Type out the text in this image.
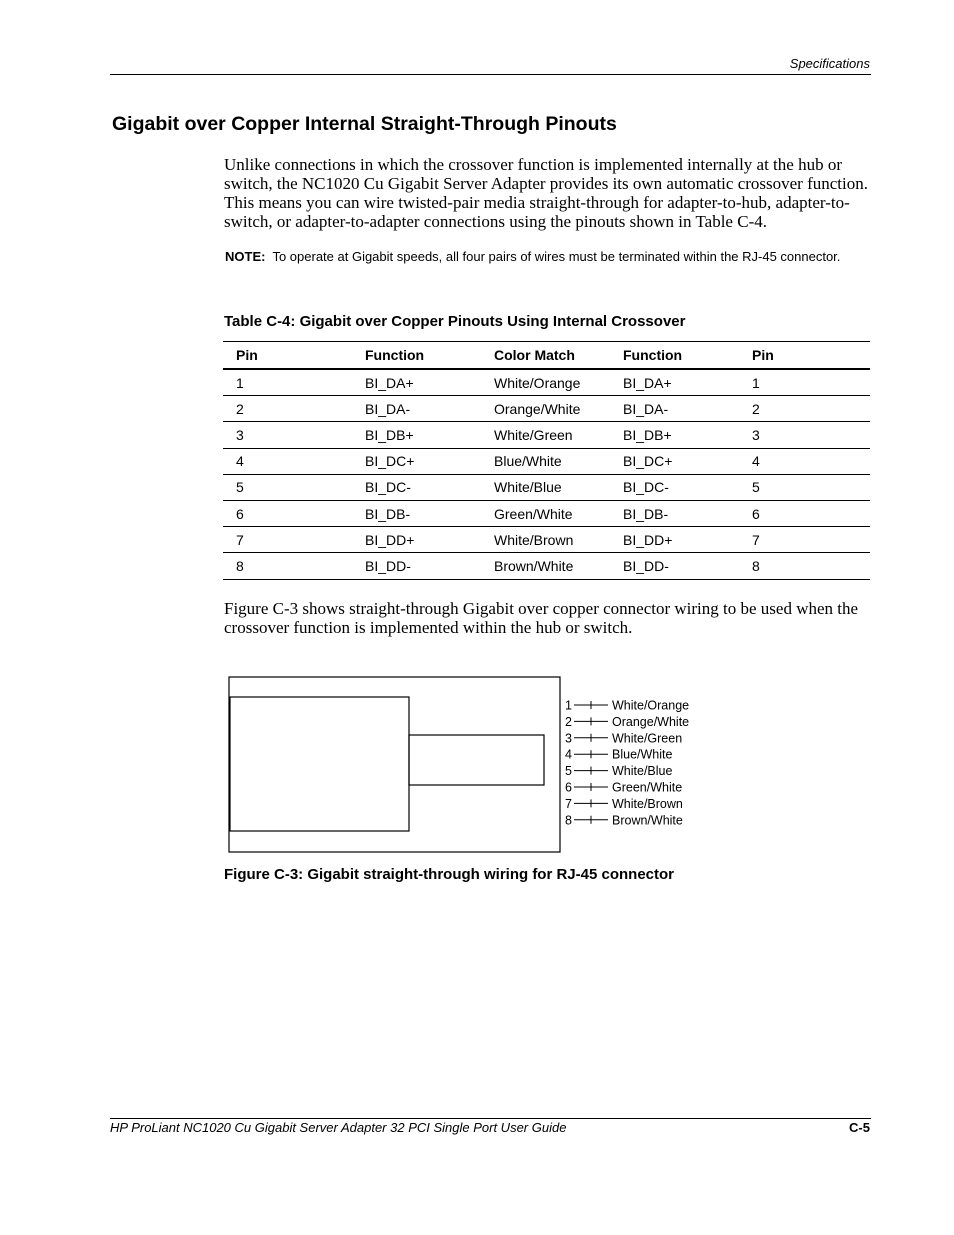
Specifications
Gigabit over Copper Internal Straight-Through Pinouts

Unlike connections in which the crossover function is implemented internally at the hub or switch, the NC1020 Cu Gigabit Server Adapter provides its own automatic crossover function. This means you can wire twisted-pair media straight-through for adapter-to-hub, adapter-to-switch, or adapter-to-adapter connections using the pinouts shown in Table C-4.

NOTE: To operate at Gigabit speeds, all four pairs of wires must be terminated within the RJ-45 connector.

Table C-4: Gigabit over Copper Pinouts Using Internal Crossover

Pin	Function	Color Match	Function	Pin
1	BI_DA+	White/Orange	BI_DA+	1
2	BI_DA-	Orange/White	BI_DA-	2
3	BI_DB+	White/Green	BI_DB+	3
4	BI_DC+	Blue/White	BI_DC+	4
5	BI_DC-	White/Blue	BI_DC-	5
6	BI_DB-	Green/White	BI_DB-	6
7	BI_DD+	White/Brown	BI_DD+	7
8	BI_DD-	Brown/White	BI_DD-	8

Figure C-3 shows straight-through Gigabit over copper connector wiring to be used when the crossover function is implemented within the hub or switch.

1	White/Orange
2	Orange/White
3	White/Green
4	Blue/White
5	White/Blue
6	Green/White
7	White/Brown
8	Brown/White

Figure C-3: Gigabit straight-through wiring for RJ-45 connector

HP ProLiant NC1020 Cu Gigabit Server Adapter 32 PCI Single Port User Guide	C-5
